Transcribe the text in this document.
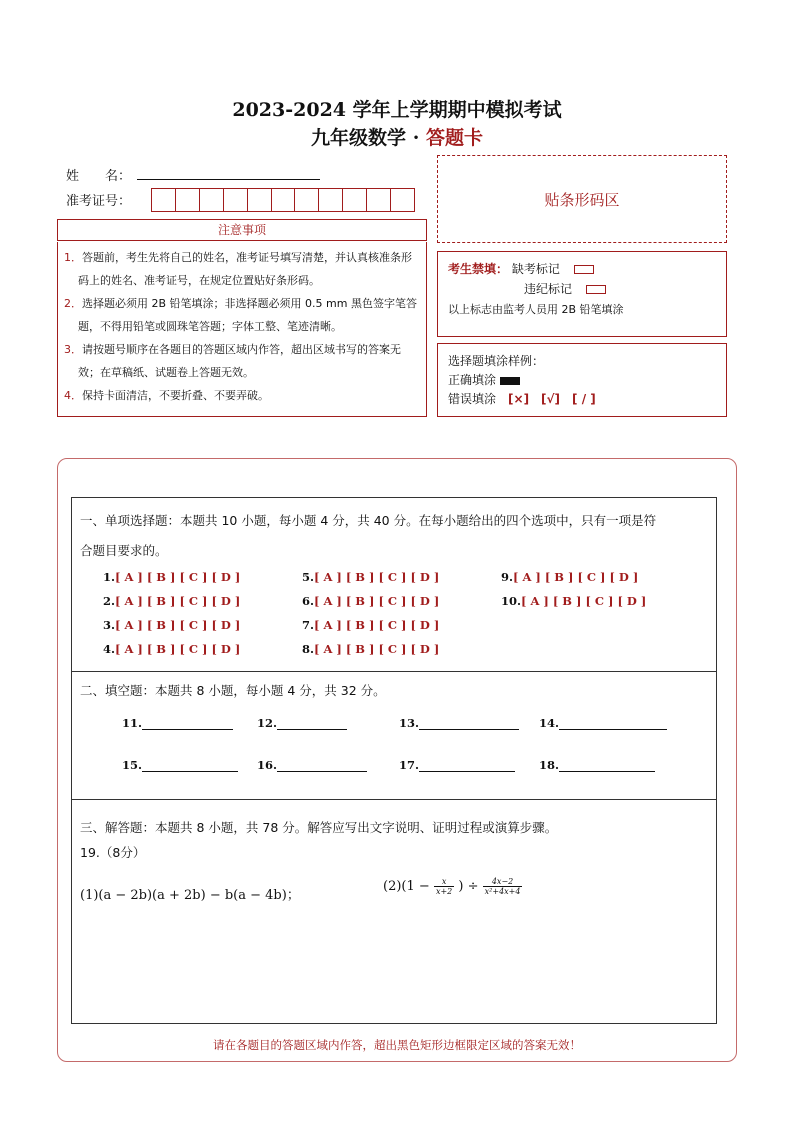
2023-2024 学年上学期期中模拟考试
九年级数学 · 答题卡
姓　　名：
准考证号：	贴条形码区
注意事项
1．答题前，考生先将自己的姓名，准考证号填写清楚，并认真核准条形码上的姓名、准考证号，在规定位置贴好条形码。
2．选择题必须用 2B 铅笔填涂；非选择题必须用 0.5 mm 黑色签字笔答题，不得用铅笔或圆珠笔答题；字体工整、笔迹清晰。
3．请按题号顺序在各题目的答题区域内作答，超出区域书写的答案无效；在草稿纸、试题卷上答题无效。
4．保持卡面清洁，不要折叠、不要弄破。
考生禁填： 缺考标记
违纪标记
以上标志由监考人员用 2B 铅笔填涂
选择题填涂样例：
正确填涂
错误填涂　 [×]　[√]　[ / ]
一、单项选择题：本题共 10 小题，每小题 4 分，共 40 分。在每小题给出的四个选项中，只有一项是符
合题目要求的。
1.[ A ] [ B ] [ C ] [ D ]
2.[ A ] [ B ] [ C ] [ D ]
3.[ A ] [ B ] [ C ] [ D ]
4.[ A ] [ B ] [ C ] [ D ]
5.[ A ] [ B ] [ C ] [ D ]
6.[ A ] [ B ] [ C ] [ D ]
7.[ A ] [ B ] [ C ] [ D ]
8.[ A ] [ B ] [ C ] [ D ]
9.[ A ] [ B ] [ C ] [ D ]
10.[ A ] [ B ] [ C ] [ D ]
二、填空题：本题共 8 小题，每小题 4 分，共 32 分。
11.	12.	13.	14.
15.	16.	17.	18.
三、解答题：本题共 8 小题，共 78 分。解答应写出文字说明、证明过程或演算步骤。
19.（8分）
(1)(a − 2b)(a + 2b) − b(a − 4b)；
$(2)(1 - \frac{x}{x+2}$ ) ÷ $\frac{4x-2}{\text{x²+4x+4}}$
请在各题目的答题区域内作答，超出黑色矩形边框限定区域的答案无效！
